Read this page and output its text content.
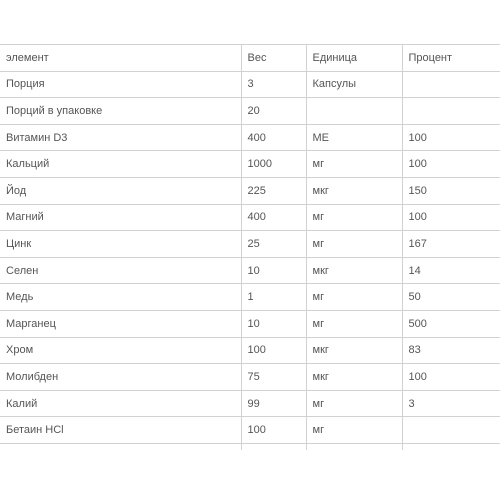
элемент	Вес	Единица	Процент
Порция	3	Капсулы	
Порций в упаковке	20		
Витамин D3	400	МЕ	100
Кальций	1000	мг	100
Йод	225	мкг	150
Магний	400	мг	100
Цинк	25	мг	167
Селен	10	мкг	14
Медь	1	мг	50
Марганец	10	мг	500
Хром	100	мкг	83
Молибден	75	мкг	100
Калий	99	мг	3
Бетаин HCl	100	мг	
